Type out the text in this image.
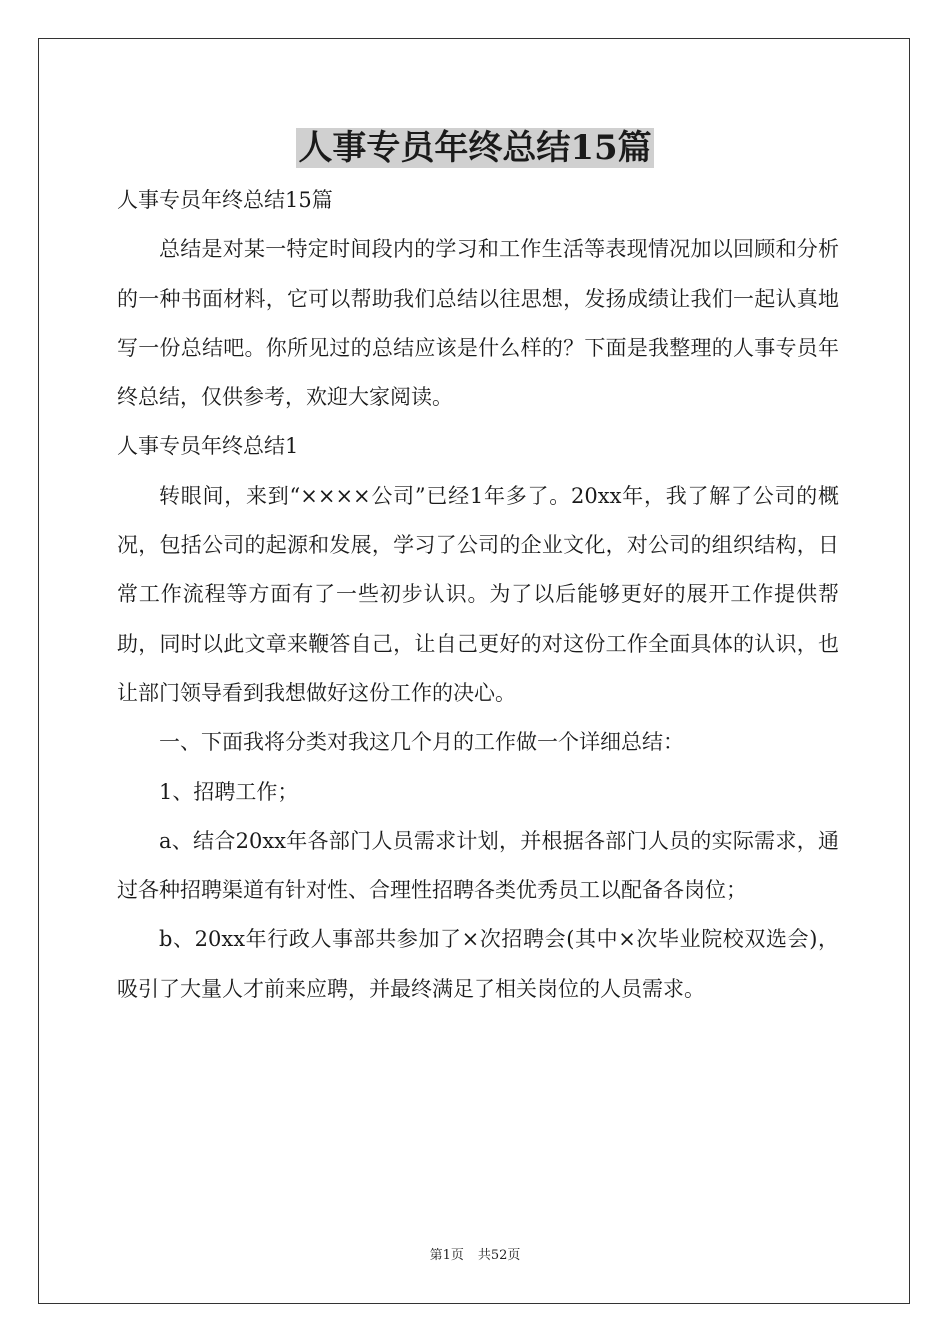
人事专员年终总结15篇

人事专员年终总结15篇

总结是对某一特定时间段内的学习和工作生活等表现情况加以回顾和分析的一种书面材料，它可以帮助我们总结以往思想，发扬成绩让我们一起认真地写一份总结吧。你所见过的总结应该是什么样的？下面是我整理的人事专员年终总结，仅供参考，欢迎大家阅读。

人事专员年终总结1

转眼间，来到“××××公司”已经1年多了。20xx年，我了解了公司的概况，包括公司的起源和发展，学习了公司的企业文化，对公司的组织结构，日常工作流程等方面有了一些初步认识。为了以后能够更好的展开工作提供帮助，同时以此文章来鞭答自己，让自己更好的对这份工作全面具体的认识，也让部门领导看到我想做好这份工作的决心。

一、下面我将分类对我这几个月的工作做一个详细总结：

1、招聘工作；

a、结合20xx年各部门人员需求计划，并根据各部门人员的实际需求，通过各种招聘渠道有针对性、合理性招聘各类优秀员工以配备各岗位；

b、20xx年行政人事部共参加了×次招聘会(其中×次毕业院校双选会)，吸引了大量人才前来应聘，并最终满足了相关岗位的人员需求。

第1页 共52页
